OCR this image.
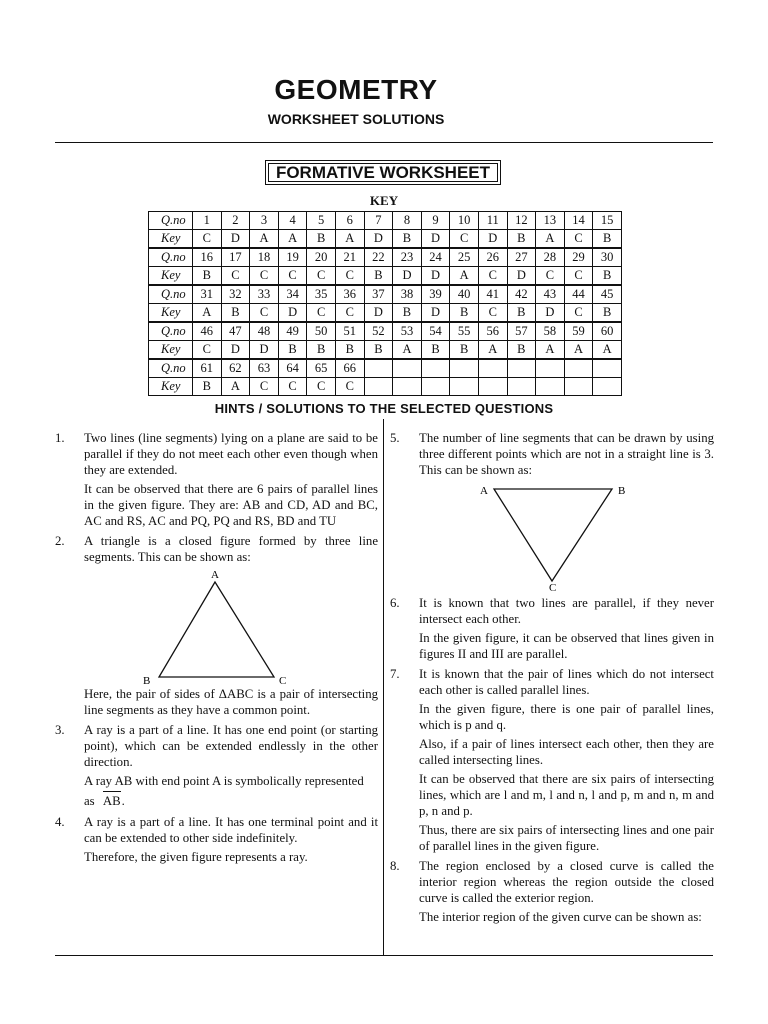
GEOMETRY
WORKSHEET SOLUTIONS
FORMATIVE WORKSHEET
KEY
Q.no	1	2	3	4	5	6	7	8	9	10	11	12	13	14	15
Key	C	D	A	A	B	A	D	B	D	C	D	B	A	C	B
Q.no	16	17	18	19	20	21	22	23	24	25	26	27	28	29	30
Key	B	C	C	C	C	C	B	D	D	A	C	D	C	C	B
Q.no	31	32	33	34	35	36	37	38	39	40	41	42	43	44	45
Key	A	B	C	D	C	C	D	B	D	B	C	B	D	C	B
Q.no	46	47	48	49	50	51	52	53	54	55	56	57	58	59	60
Key	C	D	D	B	B	B	B	A	B	B	A	B	A	A	A
Q.no	61	62	63	64	65	66									
Key	B	A	C	C	C	C									
HINTS / SOLUTIONS TO THE SELECTED QUESTIONS
1. Two lines (line segments) lying on a plane are said to be parallel if they do not meet each other even though when they are extended.
It can be observed that there are 6 pairs of parallel lines in the given figure. They are: AB and CD, AD and BC, AC and RS, AC and PQ, PQ and RS, BD and TU
2. A triangle is a closed figure formed by three line segments. This can be shown as:
A
B	C
Here, the pair of sides of ΔABC is a pair of intersecting line segments as they have a common point.
3. A ray is a part of a line. It has one end point (or starting point), which can be extended endlessly in the other direction.
A ray AB with end point A is symbolically represented
as AB.
4. A ray is a part of a line. It has one terminal point and it can be extended to other side indefinitely.
Therefore, the given figure represents a ray.
5. The number of line segments that can be drawn by using three different points which are not in a straight line is 3. This can be shown as:
A	B
C
6. It is known that two lines are parallel, if they never intersect each other.
In the given figure, it can be observed that lines given in figures II and III are parallel.
7. It is known that the pair of lines which do not intersect each other is called parallel lines.
In the given figure, there is one pair of parallel lines, which is p and q.
Also, if a pair of lines intersect each other, then they are called intersecting lines.
It can be observed that there are six pairs of intersecting lines, which are l and m, l and n, l and p, m and n, m and p, n and p.
Thus, there are six pairs of intersecting lines and one pair of parallel lines in the given figure.
8. The region enclosed by a closed curve is called the interior region whereas the region outside the closed curve is called the exterior region.
The interior region of the given curve can be shown as:
